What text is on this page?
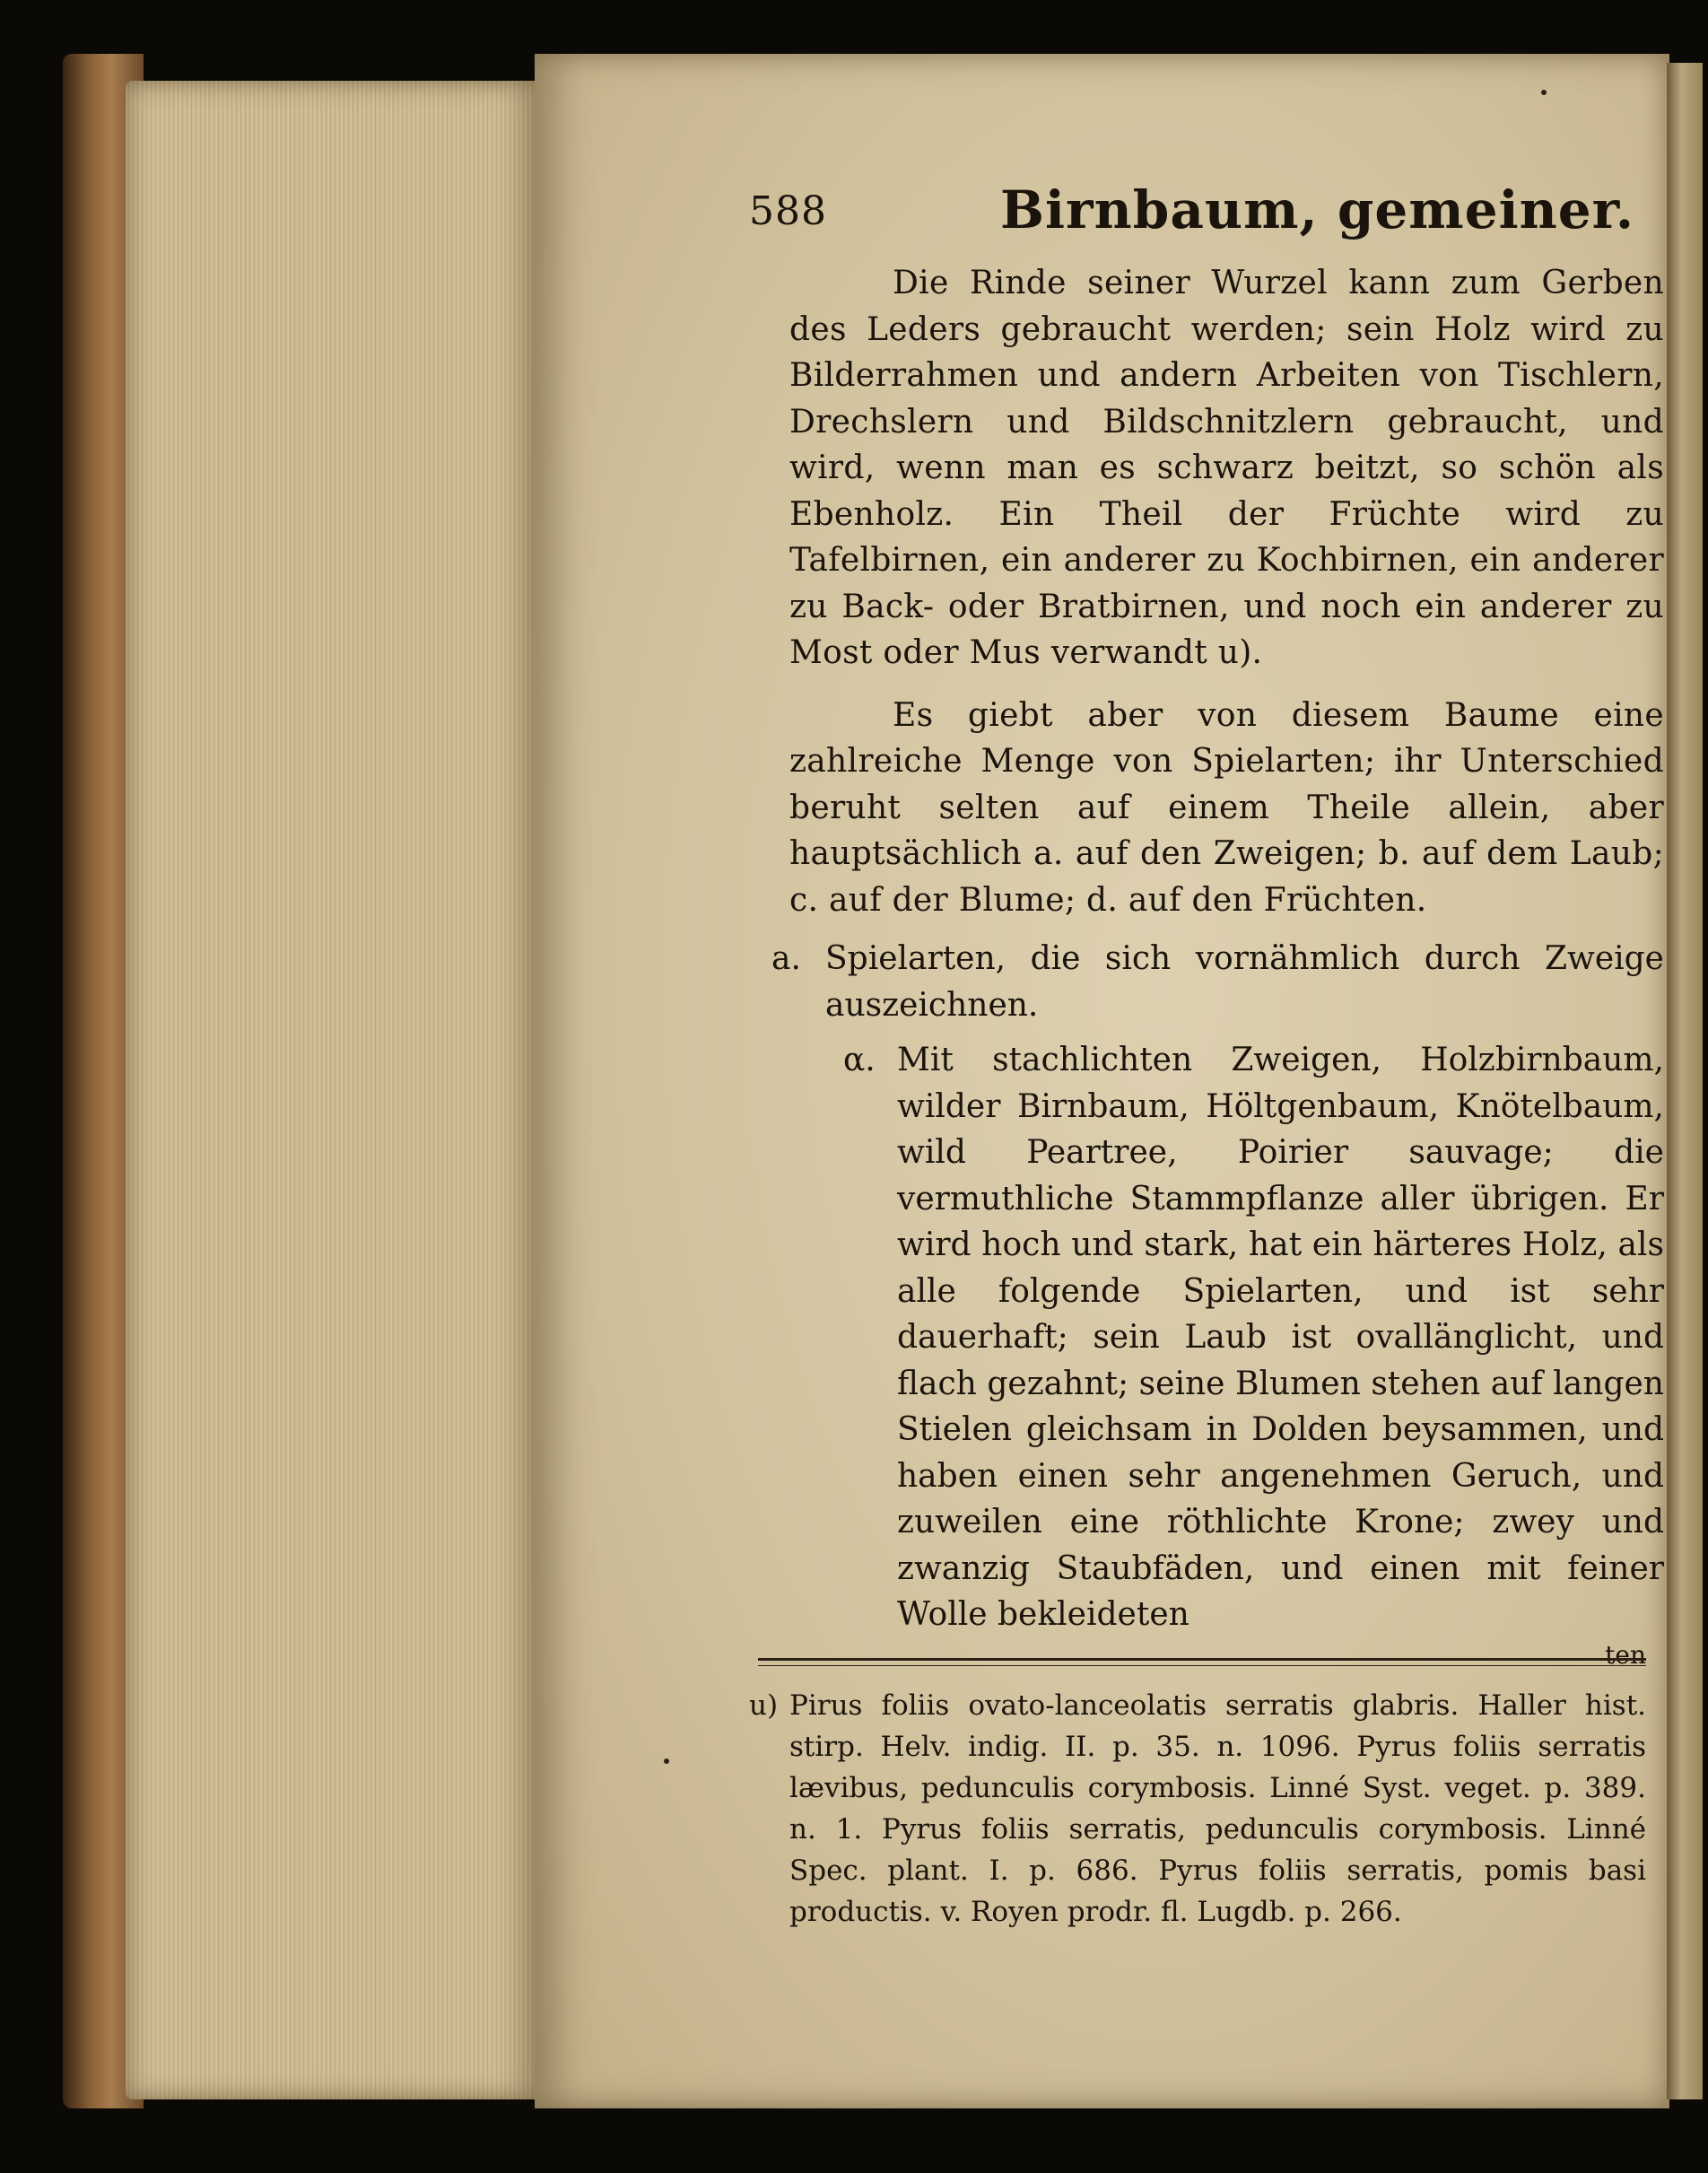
588	Birnbaum, gemeiner.

Die Rinde seiner Wurzel kann zum Gerben des Leders gebraucht werden; sein Holz wird zu Bilderrahmen und andern Arbeiten von Tischlern, Drechslern und Bildschnitzlern gebraucht, und wird, wenn man es schwarz beitzt, so schön als Ebenholz. Ein Theil der Früchte wird zu Tafelbirnen, ein anderer zu Kochbirnen, ein anderer zu Back- oder Bratbirnen, und noch ein anderer zu Most oder Mus verwandt u).

Es giebt aber von diesem Baume eine zahlreiche Menge von Spielarten; ihr Unterschied beruht selten auf einem Theile allein, aber hauptsächlich a. auf den Zweigen; b. auf dem Laub; c. auf der Blume; d. auf den Früchten.

a. Spielarten, die sich vornähmlich durch Zweige auszeichnen.
α. Mit stachlichten Zweigen, Holzbirnbaum, wilder Birnbaum, Höltgenbaum, Knötelbaum, wild Peartree, Poirier sauvage; die vermuthliche Stammpflanze aller übrigen. Er wird hoch und stark, hat ein härteres Holz, als alle folgende Spielarten, und ist sehr dauerhaft; sein Laub ist ovallänglicht, und flach gezahnt; seine Blumen stehen auf langen Stielen gleichsam in Dolden beysammen, und haben einen sehr angenehmen Geruch, und zuweilen eine röthlichte Krone; zwey und zwanzig Staubfäden, und einen mit feiner Wolle bekleideten
ten
u) Pirus foliis ovato-lanceolatis serratis glabris. Haller hist. stirp. Helv. indig. II. p. 35. n. 1096. Pyrus foliis serratis lævibus, pedunculis corymbosis. Linné Syst. veget. p. 389. n. 1. Pyrus foliis serratis, pedunculis corymbosis. Linné Spec. plant. I. p. 686. Pyrus foliis serratis, pomis basi productis. v. Royen prodr. fl. Lugdb. p. 266.
